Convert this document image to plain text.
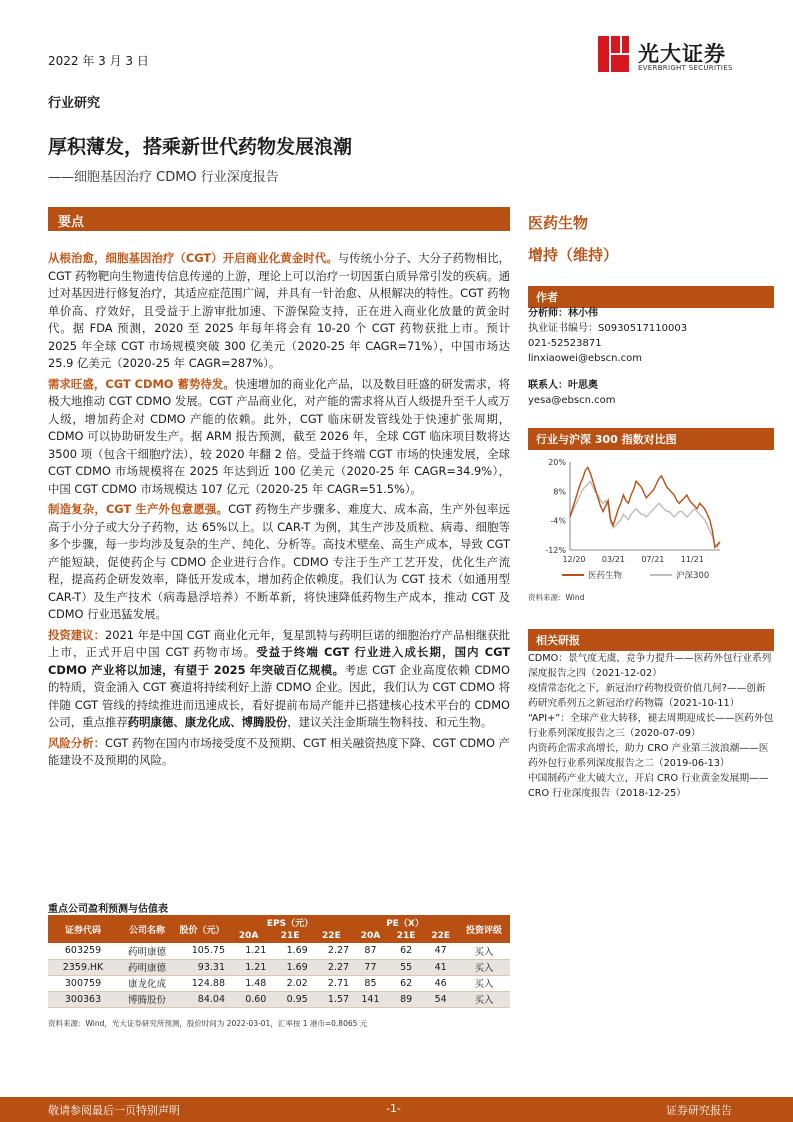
2022 年 3 月 3 日	光大证券
EVERBRIGHT SECURITIES
行业研究
厚积薄发，搭乘新世代药物发展浪潮
——细胞基因治疗 CDMO 行业深度报告
要点

从根治愈，细胞基因治疗（CGT）开启商业化黄金时代。与传统小分子、大分子药物相比，CGT 药物靶向生物遗传信息传递的上游，理论上可以治疗一切因蛋白质异常引发的疾病。通过对基因进行修复治疗，其适应症范围广阔，并具有一针治愈、从根解决的特性。CGT 药物单价高、疗效好，且受益于上游审批加速、下游保险支持，正在进入商业化放量的黄金时代。据 FDA 预测，2020 至 2025 年每年将会有 10-20 个 CGT 药物获批上市。预计 2025 年全球 CGT 市场规模突破 300 亿美元（2020-25 年 CAGR=71%），中国市场达 25.9 亿美元（2020-25 年 CAGR=287%）。

需求旺盛，CGT CDMO 蓄势待发。快速增加的商业化产品，以及数目旺盛的研发需求，将极大地推动 CGT CDMO 发展。CGT 产品商业化，对产能的需求将从百人级提升至千人或万人级，增加药企对 CDMO 产能的依赖。此外，CGT 临床研发管线处于快速扩张周期，CDMO 可以协助研发生产。据 ARM 报告预测，截至 2026 年，全球 CGT 临床项目数将达 3500 项（包含干细胞疗法），较 2020 年翻 2 倍。受益于终端 CGT 市场的快速发展，全球 CGT CDMO 市场规模将在 2025 年达到近 100 亿美元（2020-25 年 CAGR=34.9%），中国 CGT CDMO 市场规模达 107 亿元（2020-25 年 CAGR=51.5%）。

制造复杂，CGT 生产外包意愿强。CGT 药物生产步骤多、难度大、成本高，生产外包率远高于小分子或大分子药物，达 65%以上。以 CAR-T 为例，其生产涉及质粒、病毒、细胞等多个步骤，每一步均涉及复杂的生产、纯化、分析等。高技术壁垒、高生产成本，导致 CGT 产能短缺，促使药企与 CDMO 企业进行合作。CDMO 专注于生产工艺开发，优化生产流程，提高药企研发效率，降低开发成本，增加药企依赖度。我们认为 CGT 技术（如通用型 CAR-T）及生产技术（病毒悬浮培养）不断革新，将快速降低药物生产成本，推动 CGT 及 CDMO 行业迅猛发展。

投资建议：2021 年是中国 CGT 商业化元年，复星凯特与药明巨诺的细胞治疗产品相继获批上市，正式开启中国 CGT 药物市场。受益于终端 CGT 行业进入成长期，国内 CGT CDMO 产业将以加速，有望于 2025 年突破百亿规模。考虑 CGT 企业高度依赖 CDMO 的特质，资金涌入 CGT 赛道将持续利好上游 CDMO 企业。因此，我们认为 CGT CDMO 将伴随 CGT 管线的持续推进而迅速成长，看好提前布局产能并已搭建核心技术平台的 CDMO 公司，重点推荐药明康德、康龙化成、博腾股份，建议关注金斯瑞生物科技、和元生物。

风险分析：CGT 药物在国内市场接受度不及预期、CGT 相关融资热度下降、CGT CDMO 产能建设不及预期的风险。

重点公司盈利预测与估值表
证券代码	公司名称	股价（元）	EPS（元）			PE（X）			投资评级
			20A	21E	22E	20A	21E	22E	
603259	药明康德	105.75	1.21	1.69	2.27	87	62	47	买入
2359.HK	药明康德	93.31	1.21	1.69	2.27	77	55	41	买入
300759	康龙化成	124.88	1.48	2.02	2.71	85	62	46	买入
300363	博腾股份	84.04	0.60	0.95	1.57	141	89	54	买入
资料来源：Wind，光大证券研究所预测，股价时间为 2022-03-01，汇率按 1 港币=0.8065 元
医药生物
增持（维持）
作者
分析师：林小伟
执业证书编号：S0930517110003
021-52523871
linxiaowei@ebscn.com
联系人：叶思奥
yesa@ebscn.com
行业与沪深 300 指数对比图
20%
8%
-4%
-12%
12/20 03/21 07/21 11/21
医药生物	沪深300
资料来源：Wind
相关研报
CDMO：景气度无虞，竞争力提升——医药外包行业系列深度报告之四（2021-12-02）
疫情常态化之下，新冠治疗药物投资价值几何?——创新药研究系列五之新冠治疗药物篇（2021-10-11）
“API+”：全球产业大转移，褪去周期迎成长——医药外包行业系列深度报告之三（2020-07-09）
内资药企需求高增长，助力 CRO 产业第三波浪潮——医药外包行业系列深度报告之二（2019-06-13）
中国制药产业大破大立，开启 CRO 行业黄金发展期——CRO 行业深度报告（2018-12-25）
敬请参阅最后一页特别声明	-1-	证券研究报告
